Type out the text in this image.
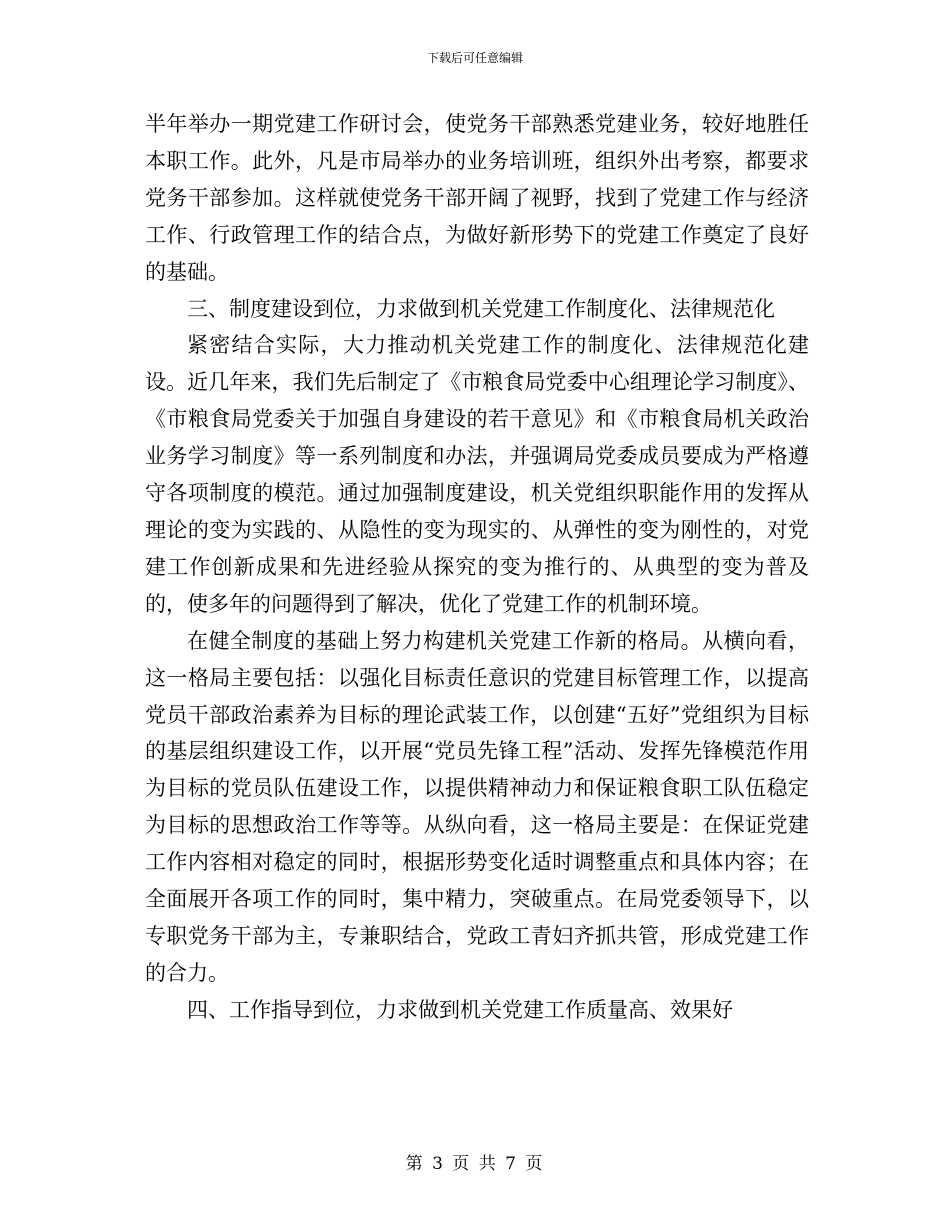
下载后可任意编辑

半年举办一期党建工作研讨会，使党务干部熟悉党建业务，较好地胜任本职工作。此外，凡是市局举办的业务培训班，组织外出考察，都要求党务干部参加。这样就使党务干部开阔了视野，找到了党建工作与经济工作、行政管理工作的结合点，为做好新形势下的党建工作奠定了良好的基础。

三、制度建设到位，力求做到机关党建工作制度化、法律规范化

紧密结合实际，大力推动机关党建工作的制度化、法律规范化建设。近几年来，我们先后制定了《市粮食局党委中心组理论学习制度》、《市粮食局党委关于加强自身建设的若干意见》和《市粮食局机关政治业务学习制度》等一系列制度和办法，并强调局党委成员要成为严格遵守各项制度的模范。通过加强制度建设，机关党组织职能作用的发挥从理论的变为实践的、从隐性的变为现实的、从弹性的变为刚性的，对党建工作创新成果和先进经验从探究的变为推行的、从典型的变为普及的，使多年的问题得到了解决，优化了党建工作的机制环境。

在健全制度的基础上努力构建机关党建工作新的格局。从横向看，这一格局主要包括：以强化目标责任意识的党建目标管理工作，以提高党员干部政治素养为目标的理论武装工作，以创建“五好”党组织为目标的基层组织建设工作，以开展“党员先锋工程”活动、发挥先锋模范作用为目标的党员队伍建设工作，以提供精神动力和保证粮食职工队伍稳定为目标的思想政治工作等等。从纵向看，这一格局主要是：在保证党建工作内容相对稳定的同时，根据形势变化适时调整重点和具体内容；在全面展开各项工作的同时，集中精力，突破重点。在局党委领导下，以专职党务干部为主，专兼职结合，党政工青妇齐抓共管，形成党建工作的合力。

四、工作指导到位，力求做到机关党建工作质量高、效果好

第 3 页 共 7 页
